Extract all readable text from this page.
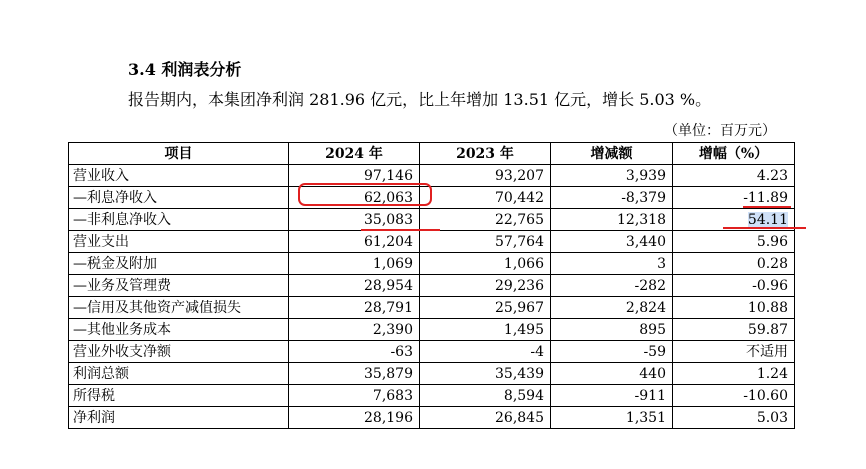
3.4 利润表分析

报告期内，本集团净利润 281.96 亿元，比上年增加 13.51 亿元，增长 5.03 %。

（单位：百万元）

项目	2024 年	2023 年	增减额	增幅（%）
营业收入	97,146	93,207	3,939	4.23
—利息净收入	62,063	70,442	-8,379	-11.89
—非利息净收入	35,083	22,765	12,318	54.11
营业支出	61,204	57,764	3,440	5.96
—税金及附加	1,069	1,066	3	0.28
—业务及管理费	28,954	29,236	-282	-0.96
—信用及其他资产减值损失	28,791	25,967	2,824	10.88
—其他业务成本	2,390	1,495	895	59.87
营业外收支净额	-63	-4	-59	不适用
利润总额	35,879	35,439	440	1.24
所得税	7,683	8,594	-911	-10.60
净利润	28,196	26,845	1,351	5.03
